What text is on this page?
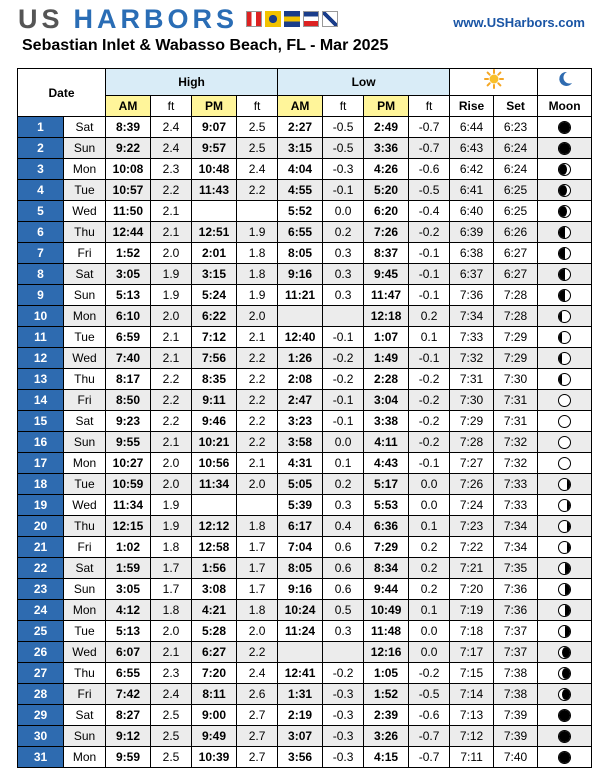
US HARBORS	www.USHarbors.com
Sebastian Inlet & Wabasso Beach, FL - Mar 2025
Date		High				Low		
		AM	ft	PM	ft	AM	ft	PM	ft	Rise	Set	Moon
1	Sat	8:39	2.4	9:07	2.5	2:27	-0.5	2:49	-0.7	6:44	6:23	

2	Sun	9:22	2.4	9:57	2.5	3:15	-0.5	3:36	-0.7	6:43	6:24	

3	Mon	10:08	2.3	10:48	2.4	4:04	-0.3	4:26	-0.6	6:42	6:24	

4	Tue	10:57	2.2	11:43	2.2	4:55	-0.1	5:20	-0.5	6:41	6:25	

5	Wed	11:50	2.1			5:52	0.0	6:20	-0.4	6:40	6:25	

6	Thu	12:44	2.1	12:51	1.9	6:55	0.2	7:26	-0.2	6:39	6:26	

7	Fri	1:52	2.0	2:01	1.8	8:05	0.3	8:37	-0.1	6:38	6:27	

8	Sat	3:05	1.9	3:15	1.8	9:16	0.3	9:45	-0.1	6:37	6:27	

9	Sun	5:13	1.9	5:24	1.9	11:21	0.3	11:47	-0.1	7:36	7:28	

10	Mon	6:10	2.0	6:22	2.0			12:18	0.2	7:34	7:28	

11	Tue	6:59	2.1	7:12	2.1	12:40	-0.1	1:07	0.1	7:33	7:29	

12	Wed	7:40	2.1	7:56	2.2	1:26	-0.2	1:49	-0.1	7:32	7:29	

13	Thu	8:17	2.2	8:35	2.2	2:08	-0.2	2:28	-0.2	7:31	7:30	

14	Fri	8:50	2.2	9:11	2.2	2:47	-0.1	3:04	-0.2	7:30	7:31	

15	Sat	9:23	2.2	9:46	2.2	3:23	-0.1	3:38	-0.2	7:29	7:31	

16	Sun	9:55	2.1	10:21	2.2	3:58	0.0	4:11	-0.2	7:28	7:32	

17	Mon	10:27	2.0	10:56	2.1	4:31	0.1	4:43	-0.1	7:27	7:32	

18	Tue	10:59	2.0	11:34	2.0	5:05	0.2	5:17	0.0	7:26	7:33	

19	Wed	11:34	1.9			5:39	0.3	5:53	0.0	7:24	7:33	

20	Thu	12:15	1.9	12:12	1.8	6:17	0.4	6:36	0.1	7:23	7:34	

21	Fri	1:02	1.8	12:58	1.7	7:04	0.6	7:29	0.2	7:22	7:34	

22	Sat	1:59	1.7	1:56	1.7	8:05	0.6	8:34	0.2	7:21	7:35	

23	Sun	3:05	1.7	3:08	1.7	9:16	0.6	9:44	0.2	7:20	7:36	

24	Mon	4:12	1.8	4:21	1.8	10:24	0.5	10:49	0.1	7:19	7:36	

25	Tue	5:13	2.0	5:28	2.0	11:24	0.3	11:48	0.0	7:18	7:37	

26	Wed	6:07	2.1	6:27	2.2			12:16	0.0	7:17	7:37	

27	Thu	6:55	2.3	7:20	2.4	12:41	-0.2	1:05	-0.2	7:15	7:38	

28	Fri	7:42	2.4	8:11	2.6	1:31	-0.3	1:52	-0.5	7:14	7:38	

29	Sat	8:27	2.5	9:00	2.7	2:19	-0.3	2:39	-0.6	7:13	7:39	

30	Sun	9:12	2.5	9:49	2.7	3:07	-0.3	3:26	-0.7	7:12	7:39	

31	Mon	9:59	2.5	10:39	2.7	3:56	-0.3	4:15	-0.7	7:11	7:40	
